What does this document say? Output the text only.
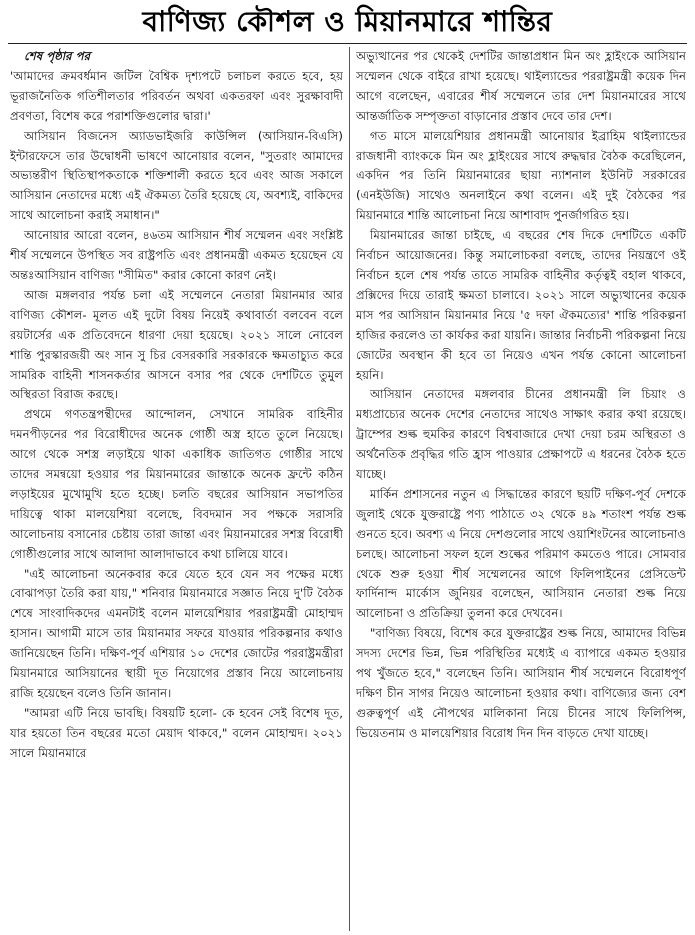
বাণিজ্য কৌশল ও মিয়ানমারে শান্তির

শেষ পৃষ্ঠার পর

'আমাদের ক্রমবর্ধমান জটিল বৈশ্বিক দৃশ্যপটে চলাচল করতে হবে, হয় ভূরাজনৈতিক গতিশীলতার পরিবর্তন অথবা একতরফা এবং সুরক্ষাবাদী প্রবণতা, বিশেষ করে পরাশক্তিগুলোর দ্বারা।'

আসিয়ান বিজনেস অ্যাডভাইজরি কাউন্সিল (আসিয়ান-বিএসি) ইন্টারফেসে তার উদ্বোধনী ভাষণে আনোয়ার বলেন, "সুতরাং আমাদের অভ্যন্তরীণ স্থিতিস্থাপকতাকে শক্তিশালী করতে হবে এবং আজ সকালে আসিয়ান নেতাদের মধ্যে এই ঐকমত্য তৈরি হয়েছে যে, অবশ্যই, বাকিদের সাথে আলোচনা করাই সমাধান।"

আনোয়ার আরো বলেন, ৪৬তম আসিয়ান শীর্ষ সম্মেলন এবং সংশ্লিষ্ট শীর্ষ সম্মেলনে উপস্থিত সব রাষ্ট্রপতি এবং প্রধানমন্ত্রী একমত হয়েছেন যে অন্তঃআসিয়ান বাণিজ্য "সীমিত" করার কোনো কারণ নেই।

আজ মঙ্গলবার পর্যন্ত চলা এই সম্মেলনে নেতারা মিয়ানমার আর বাণিজ্য কৌশল- মূলত এই দুটো বিষয় নিয়েই কথাবার্তা বলবেন বলে রয়টার্সের এক প্রতিবেদনে ধারণা দেয়া হয়েছে। ২০২১ সালে নোবেল শান্তি পুরস্কারজয়ী অং সান সু চির বেসরকারি সরকারকে ক্ষমতাচ্যুত করে সামরিক বাহিনী শাসনকর্তার আসনে বসার পর থেকে দেশটিতে তুমুল অস্থিরতা বিরাজ করছে।

প্রথমে গণতন্ত্রপন্থীদের আন্দোলন, সেখানে সামরিক বাহিনীর দমনপীড়নের পর বিরোধীদের অনেক গোষ্ঠী অস্ত্র হাতে তুলে নিয়েছে। আগে থেকে সশস্ত্র লড়াইয়ে থাকা একাধিক জাতিগত গোষ্ঠীর সাথে তাদের সমন্বয়ো হওয়ার পর মিয়ানমারের জান্তাকে অনেক ফ্রন্টে কঠিন লড়াইয়ের মুখোমুখি হতে হচ্ছে। চলতি বছরের আসিয়ান সভাপতির দায়িত্বে থাকা মালয়েশিয়া বলেছে, বিবদমান সব পক্ষকে সরাসরি আলোচনায় বসানোর চেষ্টায় তারা জান্তা এবং মিয়ানমারের সশস্ত্র বিরোধী গোষ্ঠীগুলোর সাথে আলাদা আলাদাভাবে কথা চালিয়ে যাবে।

"এই আলোচনা অনেকবার করে যেতে হবে যেন সব পক্ষের মধ্যে বোঝাপড়া তৈরি করা যায়," শনিবার মিয়ানমারে সজ্ঞাত নিয়ে দু'টি বৈঠক শেষে সাংবাদিকদের এমনটাই বলেন মালয়েশিয়ার পররাষ্ট্রমন্ত্রী মোহাম্মদ হাসান। আগামী মাসে তার মিয়ানমার সফরে যাওয়ার পরিকল্পনার কথাও জানিয়েছেন তিনি। দক্ষিণ-পূর্ব এশিয়ার ১০ দেশের জোটের পররাষ্ট্রমন্ত্রীরা মিয়ানমারে আসিয়ানের স্থায়ী দূত নিয়োগের প্রস্তাব নিয়ে আলোচনায় রাজি হয়েছেন বলেও তিনি জানান।

"আমরা এটি নিয়ে ভাবছি। বিষয়টি হলো- কে হবেন সেই বিশেষ দূত, যার হয়তো তিন বছরের মতো মেয়াদ থাকবে," বলেন মোহাম্মদ। ২০২১ সালে মিয়ানমারে

অভ্যুত্থানের পর থেকেই দেশটির জান্তাপ্রধান মিন অং হ্লাইংকে আসিয়ান সম্মেলন থেকে বাইরে রাখা হয়েছে। থাইল্যান্ডের পররাষ্ট্রমন্ত্রী কয়েক দিন আগে বলেছেন, এবারের শীর্ষ সম্মেলনে তার দেশ মিয়ানমারের সাথে আন্তর্জাতিক সম্পৃক্ততা বাড়ানোর প্রস্তাব দেবে তার দেশ।

গত মাসে মালয়েশিয়ার প্রধানমন্ত্রী আনোয়ার ইব্রাহিম থাইল্যান্ডের রাজধানী ব্যাংককে মিন অং হ্লাইংয়ের সাথে রুদ্ধদ্বার বৈঠক করেছিলেন, একদিন পর তিনি মিয়ানমারের ছায়া ন্যাশনাল ইউনিট সরকারের (এনইউজি) সাথেও অনলাইনে কথা বলেন। এই দুই বৈঠকের পর মিয়ানমারে শান্তি আলোচনা নিয়ে আশাবাদ পুনর্জাগরিত হয়।

মিয়ানমারের জান্তা চাইছে, এ বছরের শেষ দিকে দেশটিতে একটি নির্বাচন আয়োজনের। কিন্তু সমালোচকরা বলছে, তাদের নিয়ন্ত্রণে ওই নির্বাচন হলে শেষ পর্যন্ত তাতে সামরিক বাহিনীর কর্তৃত্বই বহাল থাকবে, প্রক্সিদের দিয়ে তারাই ক্ষমতা চালাবে। ২০২১ সালে অভ্যুত্থানের কয়েক মাস পর আসিয়ান মিয়ানমার নিয়ে '৫ দফা ঐকমত্যের' শান্তি পরিকল্পনা হাজির করলেও তা কার্যকর করা যায়নি। জান্তার নির্বাচনী পরিকল্পনা নিয়ে জোটের অবস্থান কী হবে তা নিয়েও এখন পর্যন্ত কোনো আলোচনা হয়নি।

আসিয়ান নেতাদের মঙ্গলবার চীনের প্রধানমন্ত্রী লি চিয়াং ও মধ্যপ্রাচ্যের অনেক দেশের নেতাদের সাথেও সাক্ষাৎ করার কথা রয়েছে। ট্রাম্পের শুল্ক হুমকির কারণে বিশ্ববাজারে দেখা দেয়া চরম অস্থিরতা ও অর্থনৈতিক প্রবৃদ্ধির গতি হ্রাস পাওয়ার প্রেক্ষাপটে এ ধরনের বৈঠক হতে যাচ্ছে।

মার্কিন প্রশাসনের নতুন এ সিদ্ধান্তের কারণে ছয়টি দক্ষিণ-পূর্ব দেশকে জুলাই থেকে যুক্তরাষ্ট্রে পণ্য পাঠাতে ৩২ থেকে ৪৯ শতাংশ পর্যন্ত শুল্ক গুনতে হবে। অবশ্য এ নিয়ে দেশগুলোর সাথে ওয়াশিংটনের আলোচনাও চলছে। আলোচনা সফল হলে শুল্কের পরিমাণ কমতেও পারে। সোমবার থেকে শুরু হওয়া শীর্ষ সম্মেলনের আগে ফিলিপাইনের প্রেসিডেন্ট ফার্দিনান্দ মার্কোস জুনিয়র বলেছেন, আসিয়ান নেতারা শুল্ক নিয়ে আলোচনা ও প্রতিক্রিয়া তুলনা করে দেখবেন।

"বাণিজ্য বিষয়ে, বিশেষ করে যুক্তরাষ্ট্রের শুল্ক নিয়ে, আমাদের বিভিন্ন সদস্য দেশের ভিন্ন, ভিন্ন পরিস্থিতির মধ্যেই এ ব্যাপারে একমত হওয়ার পথ খুঁজতে হবে," বলেছেন তিনি। আসিয়ান শীর্ষ সম্মেলনে বিরোধপূর্ণ দক্ষিণ চীন সাগর নিয়েও আলোচনা হওয়ার কথা। বাণিজ্যের জন্য বেশ গুরুত্বপূর্ণ এই নৌপথের মালিকানা নিয়ে চীনের সাথে ফিলিপিন্স, ভিয়েতনাম ও মালয়েশিয়ার বিরোধ দিন দিন বাড়তে দেখা যাচ্ছে।
